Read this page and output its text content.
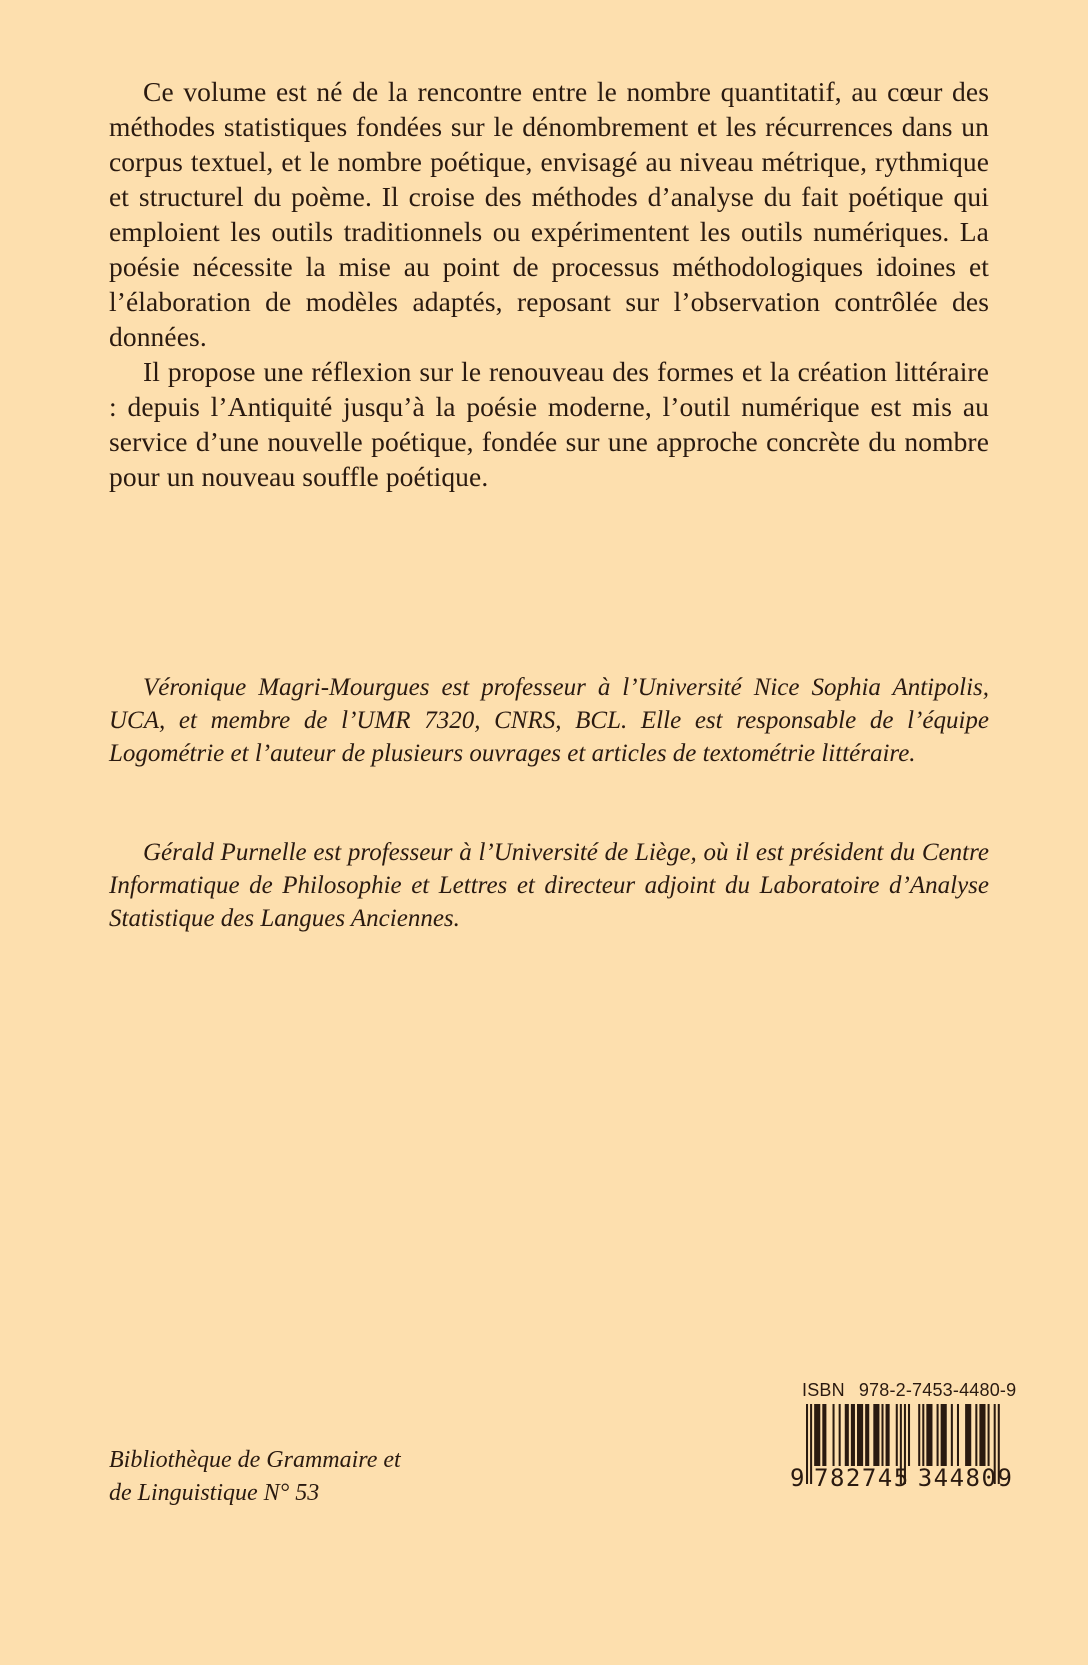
Ce volume est né de la rencontre entre le nombre quantitatif, au cœur des méthodes statistiques fondées sur le dénombrement et les récurrences dans un corpus textuel, et le nombre poétique, envisagé au niveau métrique, rythmique et structurel du poème. Il croise des méthodes d’analyse du fait poétique qui emploient les outils traditionnels ou expérimentent les outils numériques. La poésie nécessite la mise au point de processus méthodologiques idoines et l’élaboration de modèles adaptés, reposant sur l’observation contrôlée des données.

Il propose une réflexion sur le renouveau des formes et la création littéraire : depuis l’Antiquité jusqu’à la poésie moderne, l’outil numérique est mis au service d’une nouvelle poétique, fondée sur une approche concrète du nombre pour un nouveau souffle poétique.

Véronique Magri-Mourgues est professeur à l’Université Nice Sophia Antipolis, UCA, et membre de l’UMR 7320, CNRS, BCL. Elle est responsable de l’équipe Logométrie et l’auteur de plusieurs ouvrages et articles de textométrie littéraire.

Gérald Purnelle est professeur à l’Université de Liège, où il est président du Centre Informatique de Philosophie et Lettres et directeur adjoint du Laboratoire d’Analyse Statistique des Langues Anciennes.

Bibliothèque de Grammaire et
de Linguistique N° 53
ISBN 978-2-7453-4480-9
9 782745 344809
